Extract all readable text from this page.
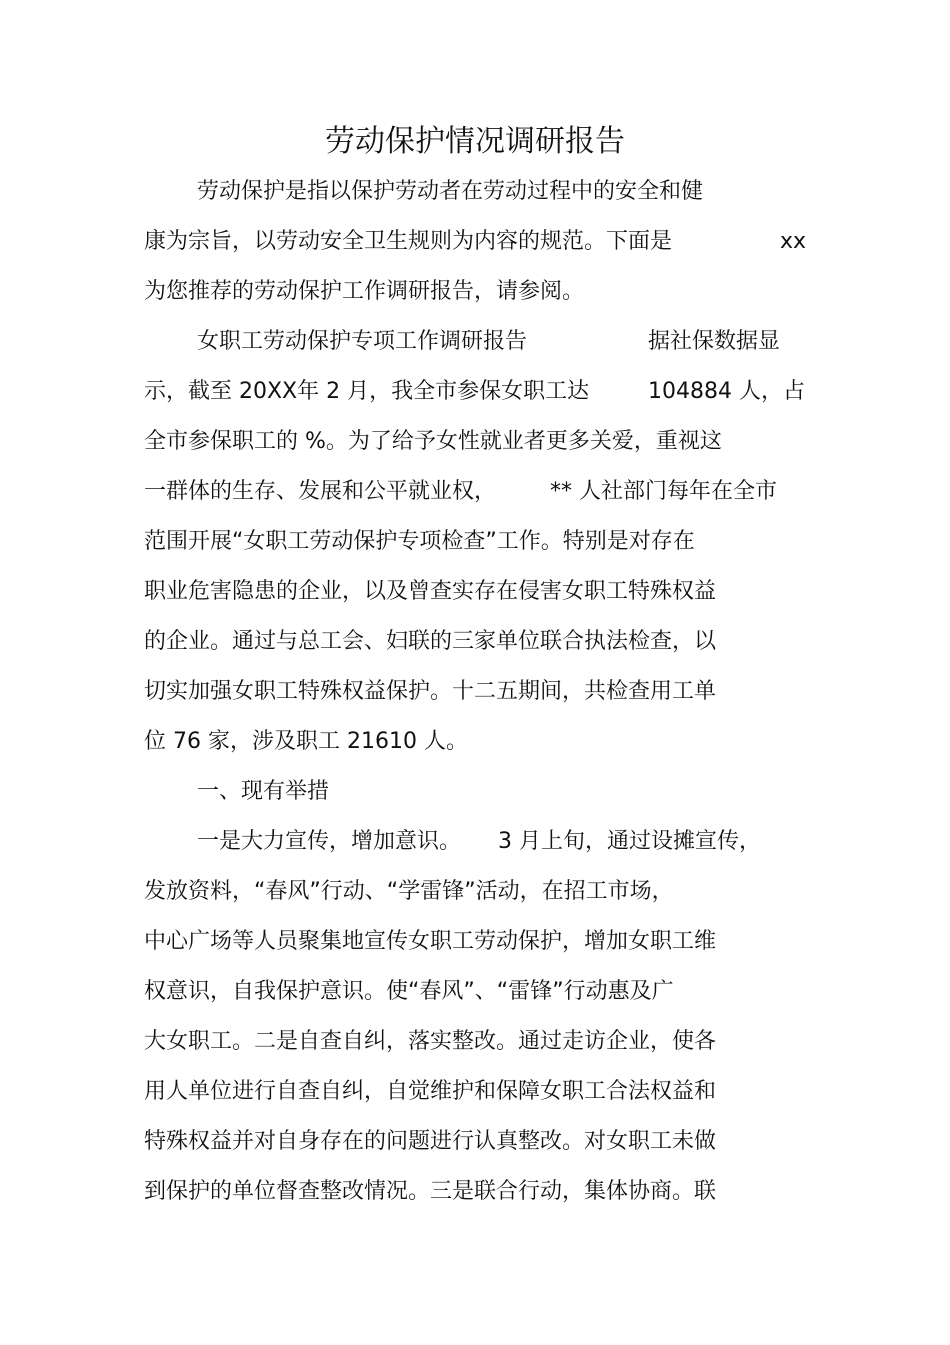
劳动保护情况调研报告
劳动保护是指以保护劳动者在劳动过程中的安全和健
康为宗旨，以劳动安全卫生规则为内容的规范。下面是	xx
为您推荐的劳动保护工作调研报告，请参阅。
女职工劳动保护专项工作调研报告	据社保数据显
示，截至 20XX年 2 月，我全市参保女职工达	104884 人，占
全市参保职工的 %。为了给予女性就业者更多关爱，重视这
一群体的生存、发展和公平就业权， ** 人社部门每年在全市
范围开展“女职工劳动保护专项检查”工作。特别是对存在
职业危害隐患的企业，以及曾查实存在侵害女职工特殊权益
的企业。通过与总工会、妇联的三家单位联合执法检查，以
切实加强女职工特殊权益保护。十二五期间，共检查用工单
位 76 家，涉及职工 21610 人。
一、现有举措
一是大力宣传，增加意识。 3 月上旬，通过设摊宣传，
发放资料，“春风”行动、“学雷锋”活动，在招工市场，
中心广场等人员聚集地宣传女职工劳动保护，增加女职工维
权意识，自我保护意识。使“春风”、“雷锋”行动惠及广
大女职工。二是自查自纠，落实整改。通过走访企业，使各
用人单位进行自查自纠，自觉维护和保障女职工合法权益和
特殊权益并对自身存在的问题进行认真整改。对女职工未做
到保护的单位督查整改情况。三是联合行动，集体协商。联
